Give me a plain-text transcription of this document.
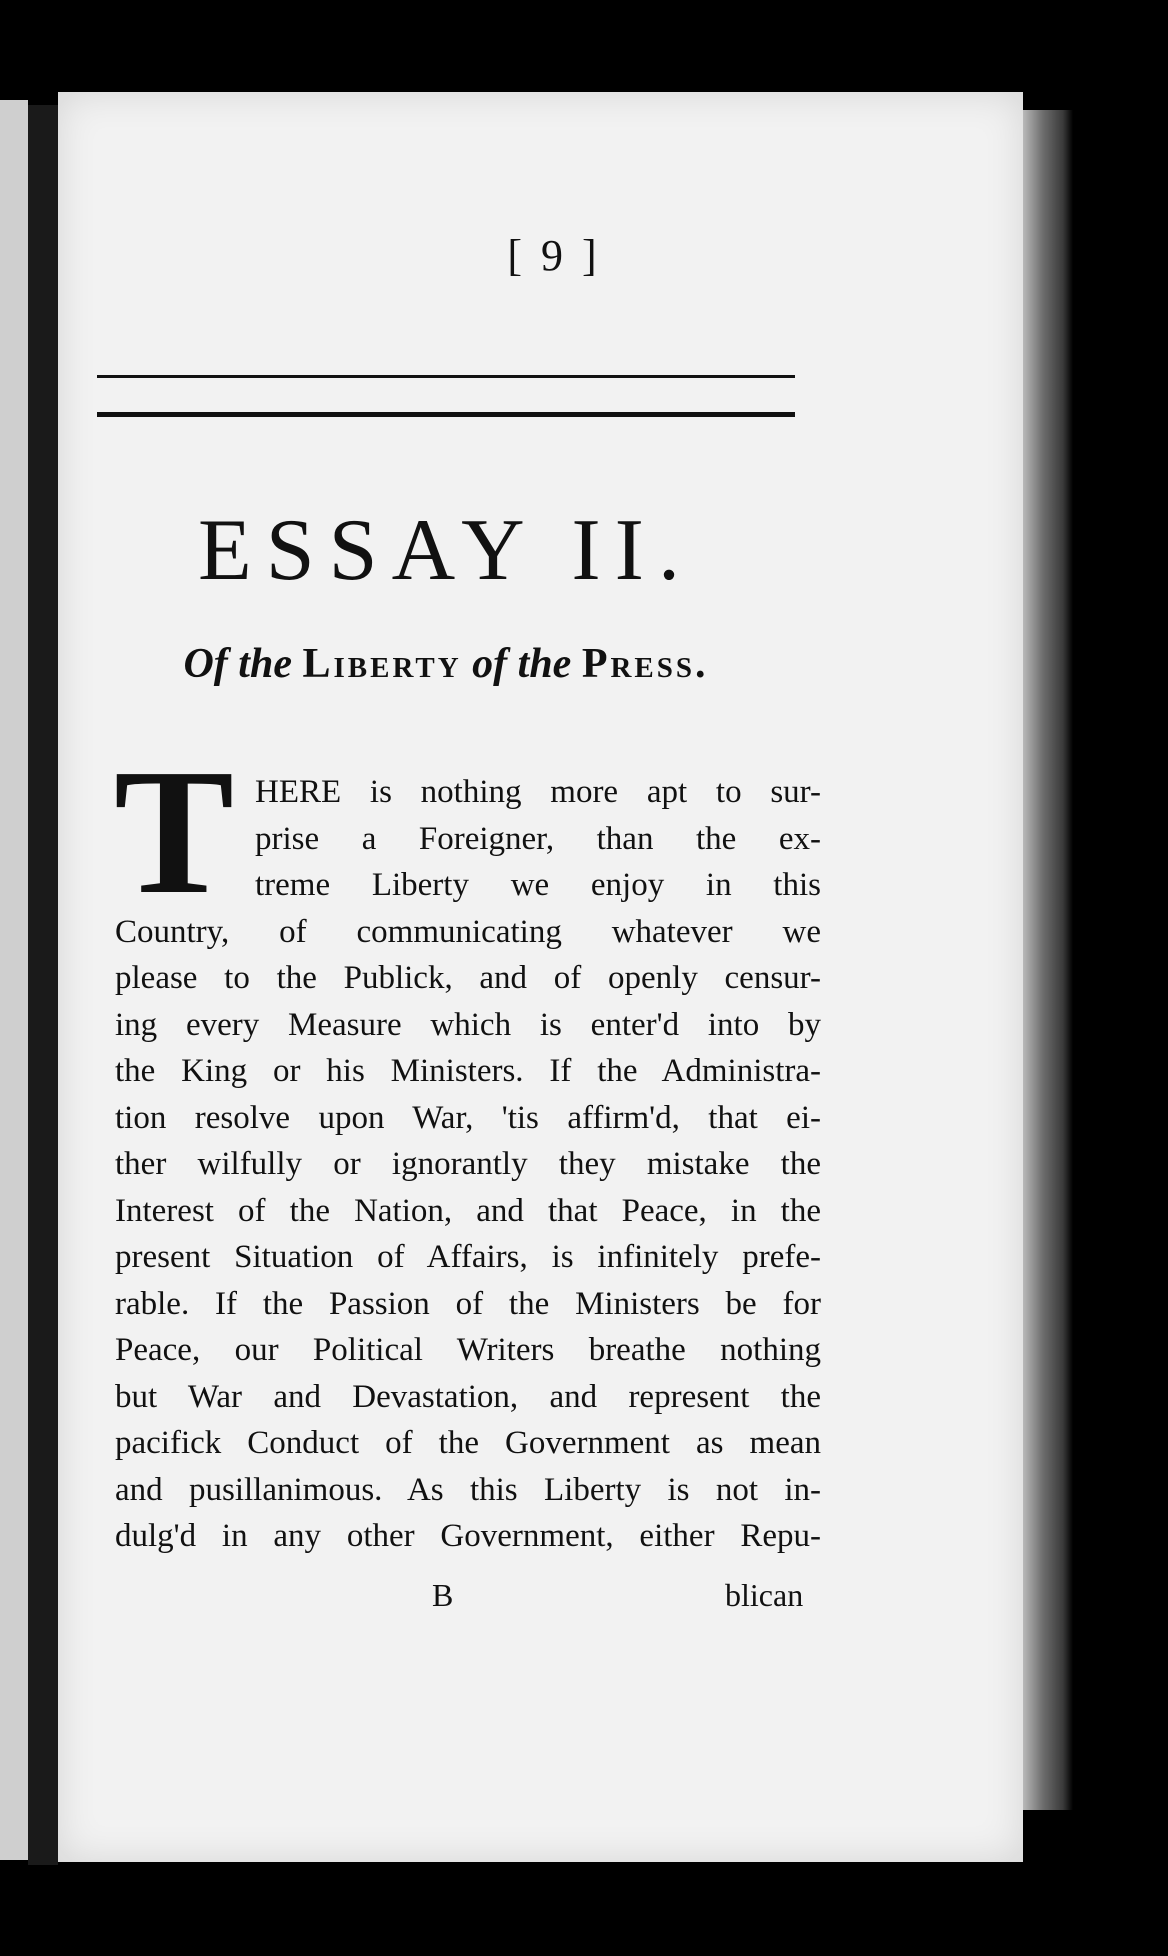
[ 9 ]
ESSAY II.
Of the Liberty of the Press.
T HERE is nothing more apt to sur-
prise a Foreigner, than the ex-
treme Liberty we enjoy in this
Country, of communicating whatever we
please to the Publick, and of openly censur-
ing every Measure which is enter'd into by
the King or his Ministers. If the Administra-
tion resolve upon War, 'tis affirm'd, that ei-
ther wilfully or ignorantly they mistake the
Interest of the Nation, and that Peace, in the
present Situation of Affairs, is infinitely prefe-
rable. If the Passion of the Ministers be for
Peace, our Political Writers breathe nothing
but War and Devastation, and represent the
pacifick Conduct of the Government as mean
and pusillanimous. As this Liberty is not in-
dulg'd in any other Government, either Repu-
B	blican
